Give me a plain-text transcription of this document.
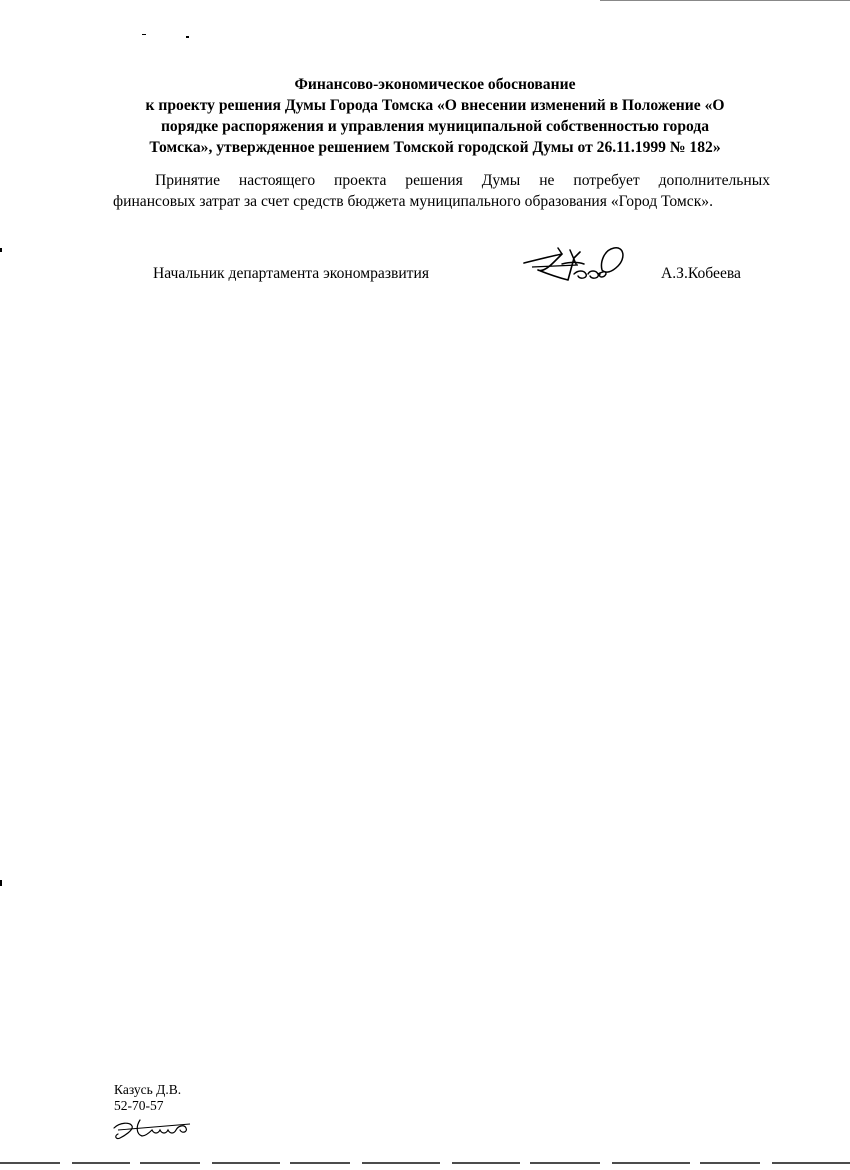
Финансово-экономическое обоснование
к проекту решения Думы Города Томска «О внесении изменений в Положение «О
порядке распоряжения и управления муниципальной собственностью города
Томска», утвержденное решением Томской городской Думы от 26.11.1999 № 182»
Принятие настоящего проекта решения Думы не потребует дополнительных
финансовых затрат за счет средств бюджета муниципального образования «Город Томск».
Начальник департамента экономразвития	А.З.Кобеева
Казусь Д.В.
52-70-57
